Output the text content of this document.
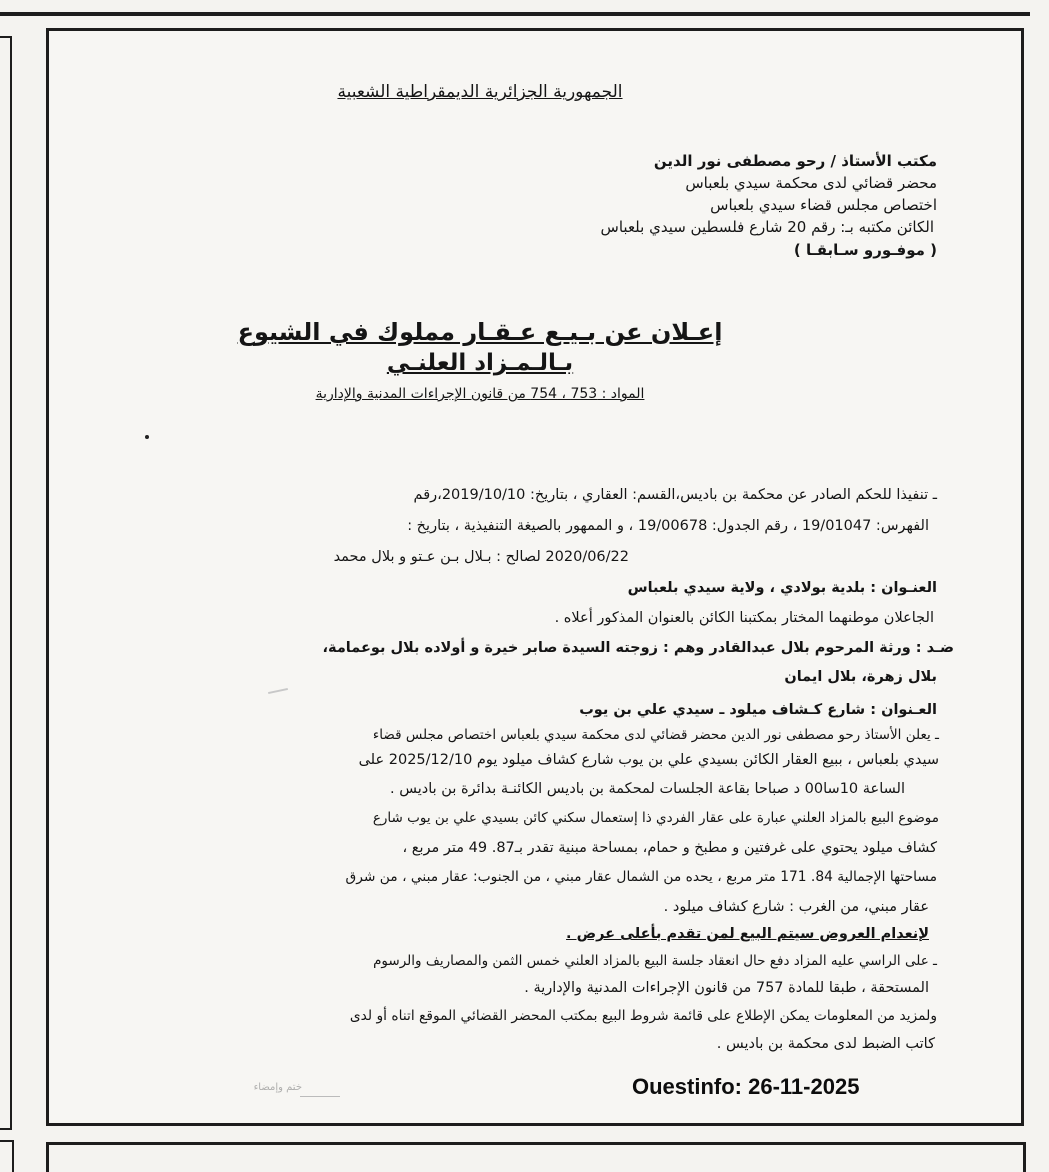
الجمهورية الجزائرية الديمقراطية الشعبية
مكتب الأستاذ / رحو مصطفى نور الدين
محضر قضائي لدى محكمة سيدي بلعباس
اختصاص مجلس قضاء سيدي بلعباس
الكائن مكتبه بـ: رقم 20 شارع فلسطين سيدي بلعباس
( موفـورو سـابقـا )
إعـلان عن بـيـع عـقـار مملوك في الشيوع
بـالـمـزاد العلنـي
المواد : 753 ، 754 من قانون الإجراءات المدنية والإدارية
ـ تنفيذا للحكم الصادر عن محكمة بن باديس،القسم: العقاري ، بتاريخ: 2019/10/10،رقم
الفهرس: 19/01047 ، رقم الجدول: 19/00678 ، و الممهور بالصيغة التنفيذية ، بتاريخ :
2020/06/22 لصالح : بـلال بـن عـتو و بلال محمد
العنـوان : بلدية بولادي ، ولاية سيدي بلعباس
الجاعلان موطنهما المختار بمكتبنا الكائن بالعنوان المذكور أعلاه .
ضـد : ورثة المرحوم بلال عبدالقادر وهم : زوجته السيدة صابر خيرة و أولاده بلال بوعمامة،
بلال زهرة، بلال ايمان
العـنوان : شارع كـشاف ميلود ـ سيدي علي بن يوب
ـ يعلن الأستاذ رحو مصطفى نور الدين محضر قضائي لدى محكمة سيدي بلعباس اختصاص مجلس قضاء
سيدي بلعباس ، ببيع العقار الكائن بسيدي علي بن يوب شارع كشاف ميلود يوم 2025/12/10 على
الساعة 10سا00 د صباحا بقاعة الجلسات لمحكمة بن باديس الكائنـة بدائرة بن باديس .
موضوع البيع بالمزاد العلني عبارة على عقار الفردي ذا إستعمال سكني كائن بسيدي علي بن يوب شارع
كشاف ميلود يحتوي على غرفتين و مطبخ و حمام، بمساحة مبنية تقدر بـ87. 49 متر مربع ،
مساحتها الإجمالية 84. 171 متر مربع ، يحده من الشمال عقار مبني ، من الجنوب: عقار مبني ، من شرق
عقار مبني، من الغرب : شارع كشاف ميلود .
لإنعدام العروض سيتم البيع لمن تقدم بأعلى عرض .
ـ على الراسي عليه المزاد دفع حال انعقاد جلسة البيع بالمزاد العلني خمس الثمن والمصاريف والرسوم
المستحقة ، طبقا للمادة 757 من قانون الإجراءات المدنية والإدارية .
ولمزيد من المعلومات يمكن الإطلاع على قائمة شروط البيع بمكتب المحضر القضائي الموقع اتناه أو لدى
كاتب الضبط لدى محكمة بن باديس .
ختم وإمضاء	Ouestinfo: 26-11-2025
